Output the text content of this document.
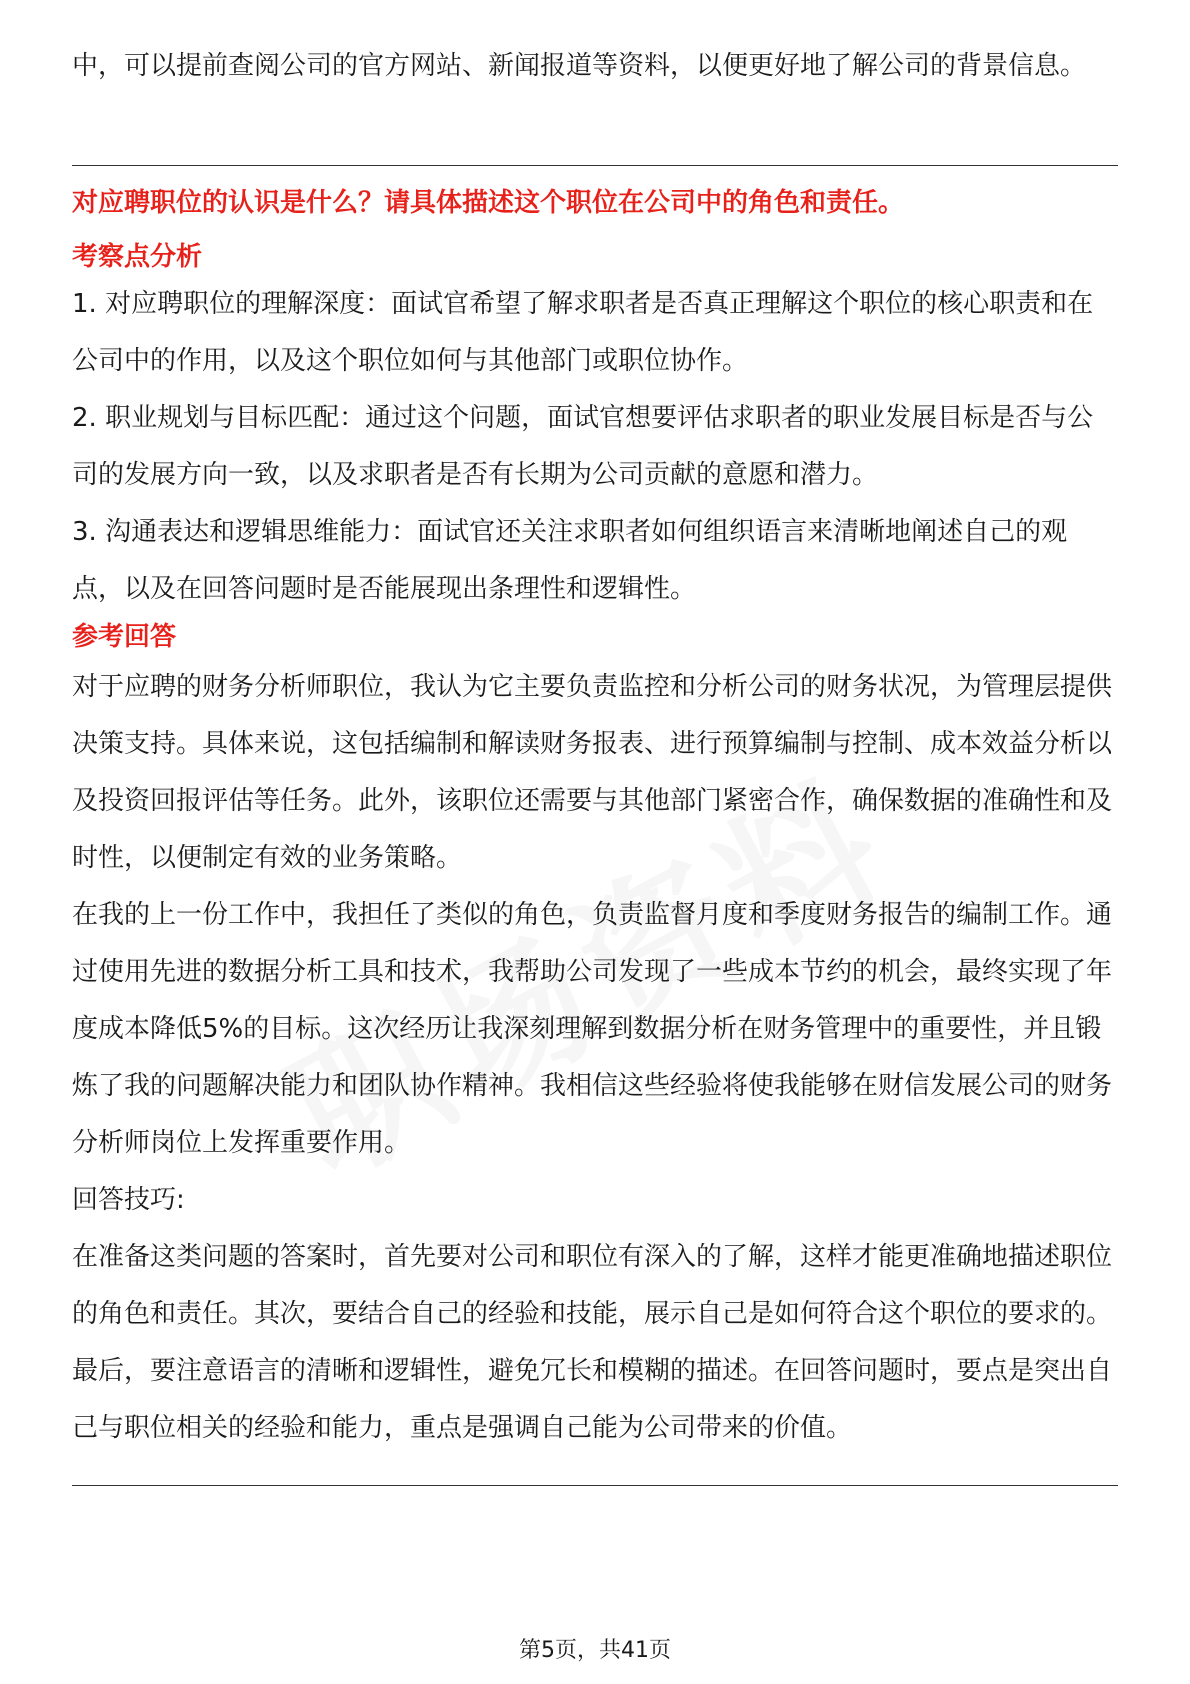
中，可以提前查阅公司的官方网站、新闻报道等资料，以便更好地了解公司的背景信息。

对应聘职位的认识是什么？请具体描述这个职位在公司中的角色和责任。

考察点分析

1. 对应聘职位的理解深度：面试官希望了解求职者是否真正理解这个职位的核心职责和在公司中的作用，以及这个职位如何与其他部门或职位协作。

2. 职业规划与目标匹配：通过这个问题，面试官想要评估求职者的职业发展目标是否与公司的发展方向一致，以及求职者是否有长期为公司贡献的意愿和潜力。

3. 沟通表达和逻辑思维能力：面试官还关注求职者如何组织语言来清晰地阐述自己的观点，以及在回答问题时是否能展现出条理性和逻辑性。

参考回答

对于应聘的财务分析师职位，我认为它主要负责监控和分析公司的财务状况，为管理层提供决策支持。具体来说，这包括编制和解读财务报表、进行预算编制与控制、成本效益分析以及投资回报评估等任务。此外，该职位还需要与其他部门紧密合作，确保数据的准确性和及时性，以便制定有效的业务策略。

在我的上一份工作中，我担任了类似的角色，负责监督月度和季度财务报告的编制工作。通过使用先进的数据分析工具和技术，我帮助公司发现了一些成本节约的机会，最终实现了年度成本降低5%的目标。这次经历让我深刻理解到数据分析在财务管理中的重要性，并且锻炼了我的问题解决能力和团队协作精神。我相信这些经验将使我能够在财信发展公司的财务分析师岗位上发挥重要作用。

回答技巧:

在准备这类问题的答案时，首先要对公司和职位有深入的了解，这样才能更准确地描述职位的角色和责任。其次，要结合自己的经验和技能，展示自己是如何符合这个职位的要求的。最后，要注意语言的清晰和逻辑性，避免冗长和模糊的描述。在回答问题时，要点是突出自己与职位相关的经验和能力，重点是强调自己能为公司带来的价值。

第5页，共41页
